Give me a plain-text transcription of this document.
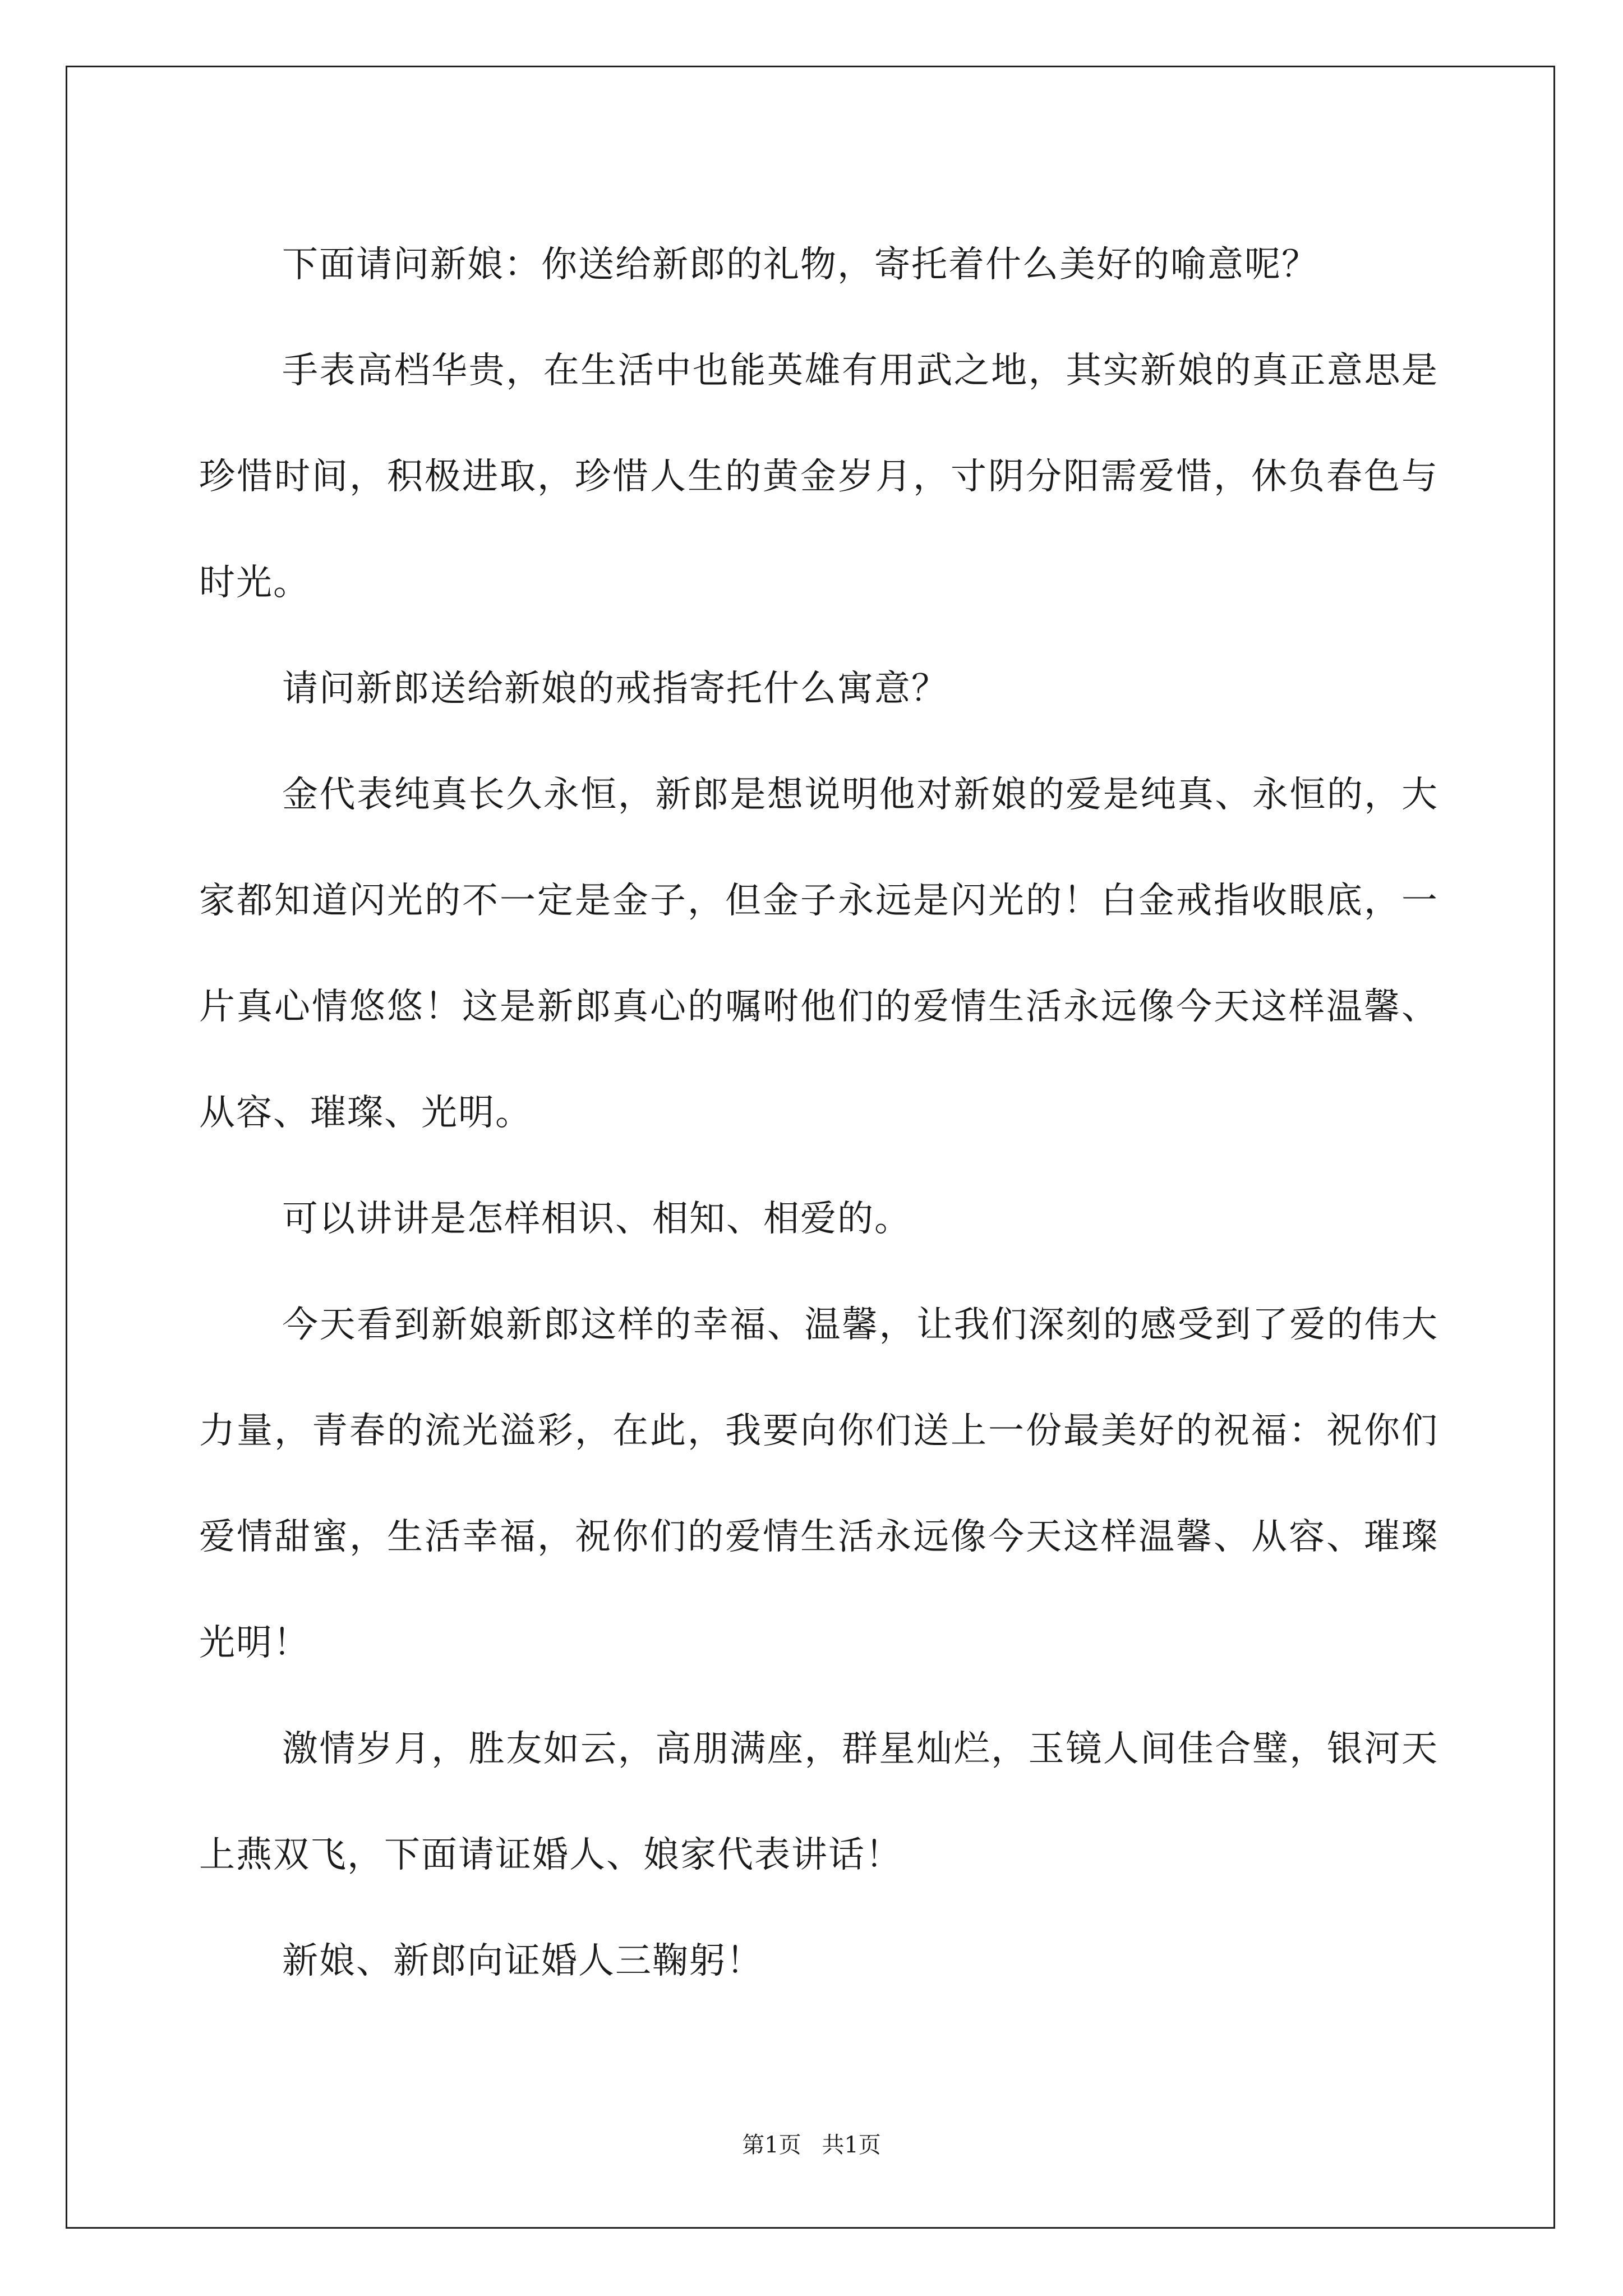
下面请问新娘：你送给新郎的礼物，寄托着什么美好的喻意呢？

手表高档华贵，在生活中也能英雄有用武之地，其实新娘的真正意思是珍惜时间，积极进取，珍惜人生的黄金岁月，寸阴分阳需爱惜，休负春色与时光。

请问新郎送给新娘的戒指寄托什么寓意？

金代表纯真长久永恒，新郎是想说明他对新娘的爱是纯真、永恒的，大家都知道闪光的不一定是金子，但金子永远是闪光的！白金戒指收眼底，一片真心情悠悠！这是新郎真心的嘱咐他们的爱情生活永远像今天这样温馨、从容、璀璨、光明。

可以讲讲是怎样相识、相知、相爱的。

今天看到新娘新郎这样的幸福、温馨，让我们深刻的感受到了爱的伟大力量，青春的流光溢彩，在此，我要向你们送上一份最美好的祝福：祝你们爱情甜蜜，生活幸福，祝你们的爱情生活永远像今天这样温馨、从容、璀璨光明！

激情岁月，胜友如云，高朋满座，群星灿烂，玉镜人间佳合璧，银河天上燕双飞，下面请证婚人、娘家代表讲话！

新娘、新郎向证婚人三鞠躬！

第1页 共1页
